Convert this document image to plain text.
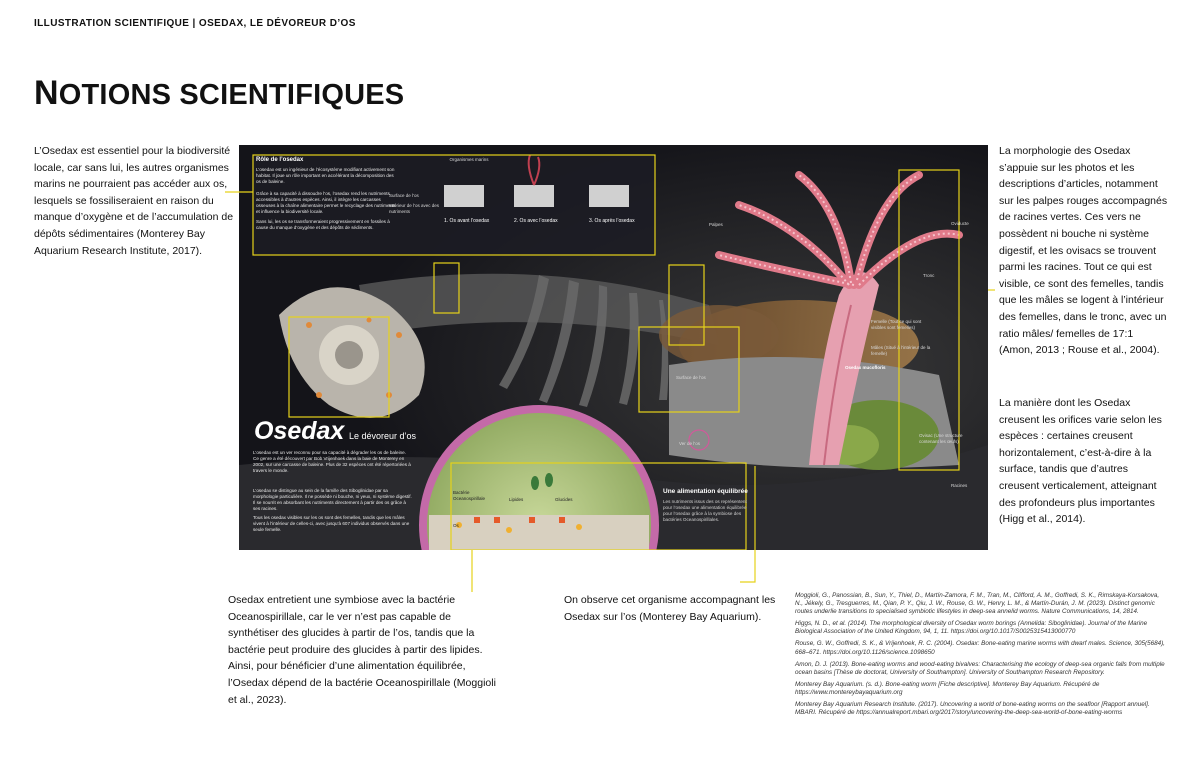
ILLUSTRATION SCIENTIFIQUE | OSEDAX, LE DÉVOREUR D’OS
NOTIONS SCIENTIFIQUES
L’Osedax est essentiel pour la biodiversité locale, car sans lui, les autres organismes marins ne pourraient pas accéder aux os, lesquels se fossiliseraient en raison du manque d’oxygène et de l’accumulation de dépôts sédimentaires (Monterey Bay Aquarium Research Institute, 2017).
La morphologie des Osedax s’appuie sur les photos et les descriptions d’articles, notamment sur les palpes rouges accompagnés de racines vertes. Ces vers ne possèdent ni bouche ni système digestif, et les ovisacs se trouvent parmi les racines. Tout ce qui est visible, ce sont des femelles, tandis que les mâles se logent à l’intérieur des femelles, dans le tronc, avec un ratio mâles/ femelles de 17:1 (Amon, 2013 ; Rouse et al., 2004).
La manière dont les Osedax creusent les orifices varie selon les espèces : certaines creusent horizontalement, c’est-à-dire à la surface, tandis que d’autres creusent verticalement, atteignant des profondeurs plus importantes (Higg et al., 2014).
Osedax entretient une symbiose avec la bactérie Oceanospirillale, car le ver n’est pas capable de synthétiser des glucides à partir de l’os, tandis que la bactérie peut produire des glucides à partir des lipides. Ainsi, pour bénéficier d’une alimentation équilibrée, l’Osedax dépend de la bactérie Oceanospirillale (Moggioli et al., 2023).
On observe cet organisme accompagnant les Osedax sur l’os (Monterey Bay Aquarium).

Moggioli, G., Panossian, B., Sun, Y., Thiel, D., Martín-Zamora, F. M., Tran, M., Clifford, A. M., Goffredi, S. K., Rimskaya-Korsakova, N., Jékely, G., Tresguerres, M., Qian, P. Y., Qiu, J. W., Rouse, G. W., Henry, L. M., & Martín-Durán, J. M. (2023). Distinct genomic routes underlie transitions to specialised symbiotic lifestyles in deep-sea annelid worms. Nature Communications, 14, 2814.

Higgs, N. D., et al. (2014). The morphological diversity of Osedax worm borings (Annelida: Siboglinidae). Journal of the Marine Biological Association of the United Kingdom, 94, 1, 11. https://doi.org/10.1017/S0025315413000770

Rouse, G. W., Goffredi, S. K., & Vrijenhoek, R. C. (2004). Osedax: Bone-eating marine worms with dwarf males. Science, 305(5684), 668–671. https://doi.org/10.1126/science.1098650

Amon, D. J. (2013). Bone-eating worms and wood-eating bivalves: Characterising the ecology of deep-sea organic falls from multiple ocean basins [Thèse de doctorat, University of Southampton]. University of Southampton Research Repository.

Monterey Bay Aquarium. (s. d.). Bone-eating worm [Fiche descriptive]. Monterey Bay Aquarium. Récupéré de https://www.montereybayaquarium.org

Monterey Bay Aquarium Research Institute. (2017). Uncovering a world of bone-eating worms on the seafloor [Rapport annuel]. MBARI. Récupéré de https://annualreport.mbari.org/2017/story/uncovering-the-deep-sea-world-of-bone-eating-worms

Rôle de l’osedax
L’osedax est un ingénieur de l’écosystème modifiant activement son habitat. Il joue un rôle important en accélérant la décomposition des os de baleine.
Grâce à sa capacité à dissoudre l’os, l’osedax rend les nutriments accessibles à d’autres espèces. Ainsi, il intègre les carcasses osseuses à la chaîne alimentaire permet le recyclage des nutriments et influence la biodiversité locale.
Sans lui, les os se transformeraient progressivement en fossiles à cause du manque d’oxygène et des dépôts de sédiments.
Organismes marins
Surface de l’os
Intérieur de l’os avec des nutriments
1. Os avant l’osedax	2. Os avec l’osedax	3. Os après l’osedax
Osedax Le dévoreur d’os
L’osedax est un ver reconnu pour sa capacité à dégrader les os de baleine. Ce genre a été découvert par Bob Vrijenhoek dans la baie de Monterey en 2002, sur une carcasse de baleine. Plus de 32 espèces ont été répertoriées à travers le monde.
L’osedax se distingue au sein de la famille des Siboglinidae par sa morphologie particulière. Il ne possède ni bouche, ni yeux, ni système digestif. Il se nourrit en absorbant les nutriments directement à partir des os grâce à ses racines.
Tous les osedax visibles sur les os sont des femelles, tandis que les mâles vivent à l’intérieur de celles-ci, avec jusqu’à 607 individus observés dans une seule femelle.
Palpes	Oviducte
Tronc
Femelle (Tout ce qui sont visibles sont femelles)
Mâles (Situé à l’intérieur de la femelle)
Osedax mucofloris
Surface de l’os
Ovisac (Une structure contenant les œufs)
Racines
Une alimentation équilibrée
Les nutriments issus des os représentent pour l’osedax une alimentation équilibrée pour l’osedax grâce à la symbiose des bactéries Oceanospirillales.
Bactérie Oceanospirillale
Os
Lipides	Glucides
Ver de l’os
